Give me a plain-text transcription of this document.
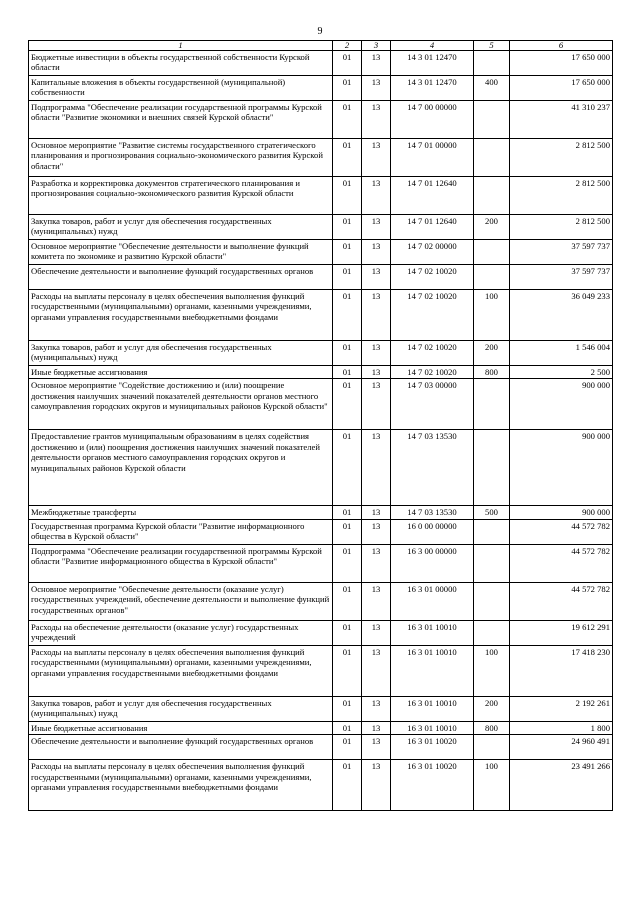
9
1	2	3	4	5	6
Бюджетные инвестиции в объекты государственной собственности Курской области	01	13	14 3 01 12470		17 650 000
Капитальные вложения в объекты государственной (муниципальной) собственности	01	13	14 3 01 12470	400	17 650 000
Подпрограмма "Обеспечение реализации государственной программы Курской области "Развитие экономики и внешних связей Курской области"	01	13	14 7 00 00000		41 310 237
Основное мероприятие "Развитие системы государственного стратегического планирования и прогнозирования социально-экономического развития Курской области"	01	13	14 7 01 00000		2 812 500
Разработка и корректировка документов стратегического планирования и прогнозирования социально-экономического развития Курской области	01	13	14 7 01 12640		2 812 500
Закупка товаров, работ и услуг для обеспечения государственных (муниципальных) нужд	01	13	14 7 01 12640	200	2 812 500
Основное мероприятие "Обеспечение деятельности и выполнение функций комитета по экономике и развитию Курской области"	01	13	14 7 02 00000		37 597 737
Обеспечение деятельности и выполнение функций государственных органов	01	13	14 7 02 10020		37 597 737
Расходы на выплаты персоналу в целях обеспечения выполнения функций государственными (муниципальными) органами, казенными учреждениями, органами управления государственными внебюджетными фондами	01	13	14 7 02 10020	100	36 049 233
Закупка товаров, работ и услуг для обеспечения государственных (муниципальных) нужд	01	13	14 7 02 10020	200	1 546 004
Иные бюджетные ассигнования	01	13	14 7 02 10020	800	2 500
Основное мероприятие "Содействие достижению и (или) поощрение достижения наилучших значений показателей деятельности органов местного самоуправления городских округов и муниципальных районов Курской области"	01	13	14 7 03 00000		900 000
Предоставление грантов муниципальным образованиям в целях содействия достижению и (или) поощрения достижения наилучших значений показателей деятельности органов местного самоуправления городских округов и муниципальных районов Курской области	01	13	14 7 03 13530		900 000
Межбюджетные трансферты	01	13	14 7 03 13530	500	900 000
Государственная программа Курской области "Развитие информационного общества в Курской области"	01	13	16 0 00 00000		44 572 782
Подпрограмма "Обеспечение реализации государственной программы Курской области "Развитие информационного общества в Курской области"	01	13	16 3 00 00000		44 572 782
Основное мероприятие "Обеспечение деятельности (оказание услуг) государственных учреждений, обеспечение деятельности и выполнение функций государственных органов"	01	13	16 3 01 00000		44 572 782
Расходы на обеспечение деятельности (оказание услуг) государственных учреждений	01	13	16 3 01 10010		19 612 291
Расходы на выплаты персоналу в целях обеспечения выполнения функций государственными (муниципальными) органами, казенными учреждениями, органами управления государственными внебюджетными фондами	01	13	16 3 01 10010	100	17 418 230
Закупка товаров, работ и услуг для обеспечения государственных (муниципальных) нужд	01	13	16 3 01 10010	200	2 192 261
Иные бюджетные ассигнования	01	13	16 3 01 10010	800	1 800
Обеспечение деятельности и выполнение функций государственных органов	01	13	16 3 01 10020		24 960 491
Расходы на выплаты персоналу в целях обеспечения выполнения функций государственными (муниципальными) органами, казенными учреждениями, органами управления государственными внебюджетными фондами	01	13	16 3 01 10020	100	23 491 266
